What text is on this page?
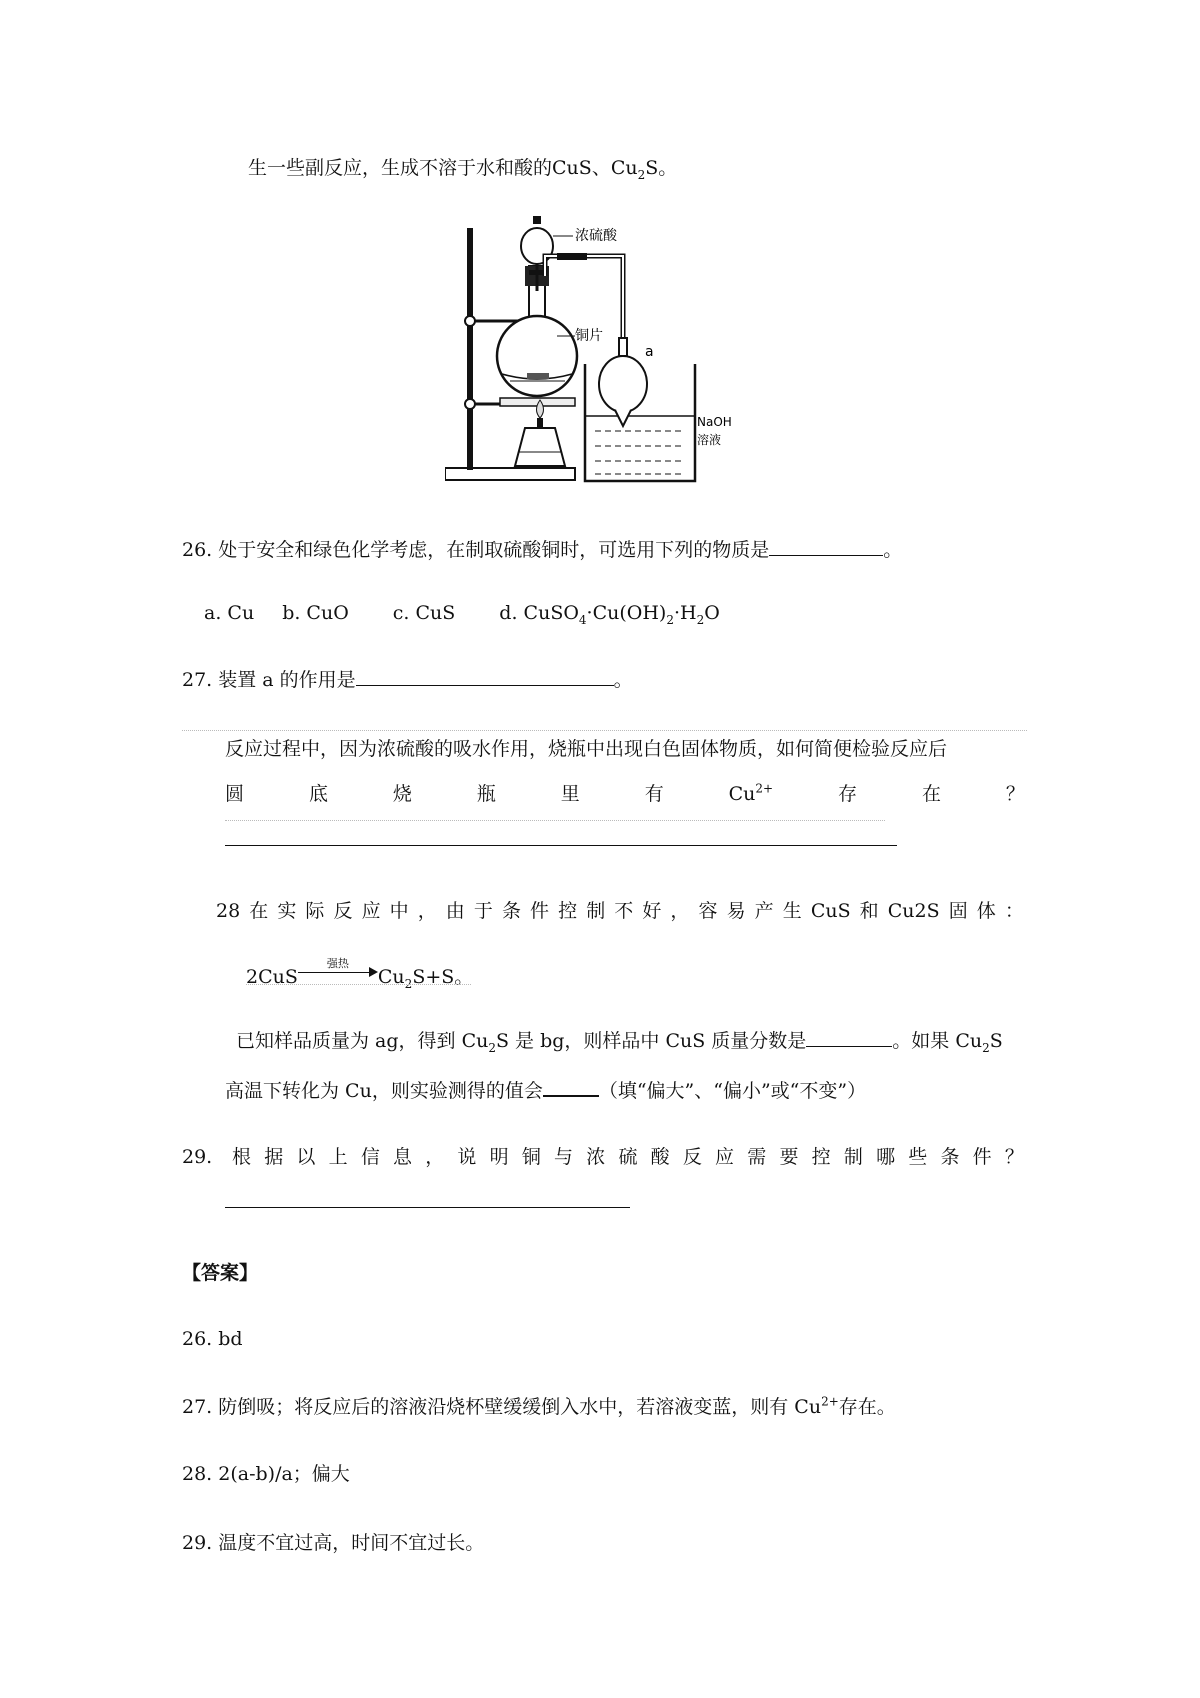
生一些副反应，生成不溶于水和酸的CuS、$Cu_2S$。
浓硫酸
铜片
a
NaOH
溶液
26. 处于安全和绿色化学考虑，在制取硫酸铜时，可选用下列的物质是	。
a. Cu b. CuO c. CuS d. $CuSO_4\cdot Cu(OH)_2\cdot H_2O$
27. 装置 a 的作用是	。
反应过程中，因为浓硫酸的吸水作用，烧瓶中出现白色固体物质，如何简便检验反应后
圆	底	烧	瓶	里	有	$Cu^{2+}$	存	在	？
28 在 实 际 反 应 中 ， 由 于 条 件 控 制 不 好 ， 容 易 产 生 CuS 和 Cu2S 固 体 ：
2CuS
强热
$Cu_2S+S$。
已知样品质量为 ag，得到 $Cu_2S$ 是 bg，则样品中 CuS 质量分数是	。如果 $Cu_2S$
高温下转化为 Cu，则实验测得的值会	（填“偏大”、“偏小”或“不变”）
29. 根 据 以 上 信 息 ， 说 明 铜 与 浓 硫 酸 反 应 需 要 控 制 哪 些 条 件 ？
【答案】
26. bd
27. 防倒吸；将反应后的溶液沿烧杯壁缓缓倒入水中，若溶液变蓝，则有 $Cu^{2+}$存在。
28. 2(a-b)/a；偏大
29. 温度不宜过高，时间不宜过长。
